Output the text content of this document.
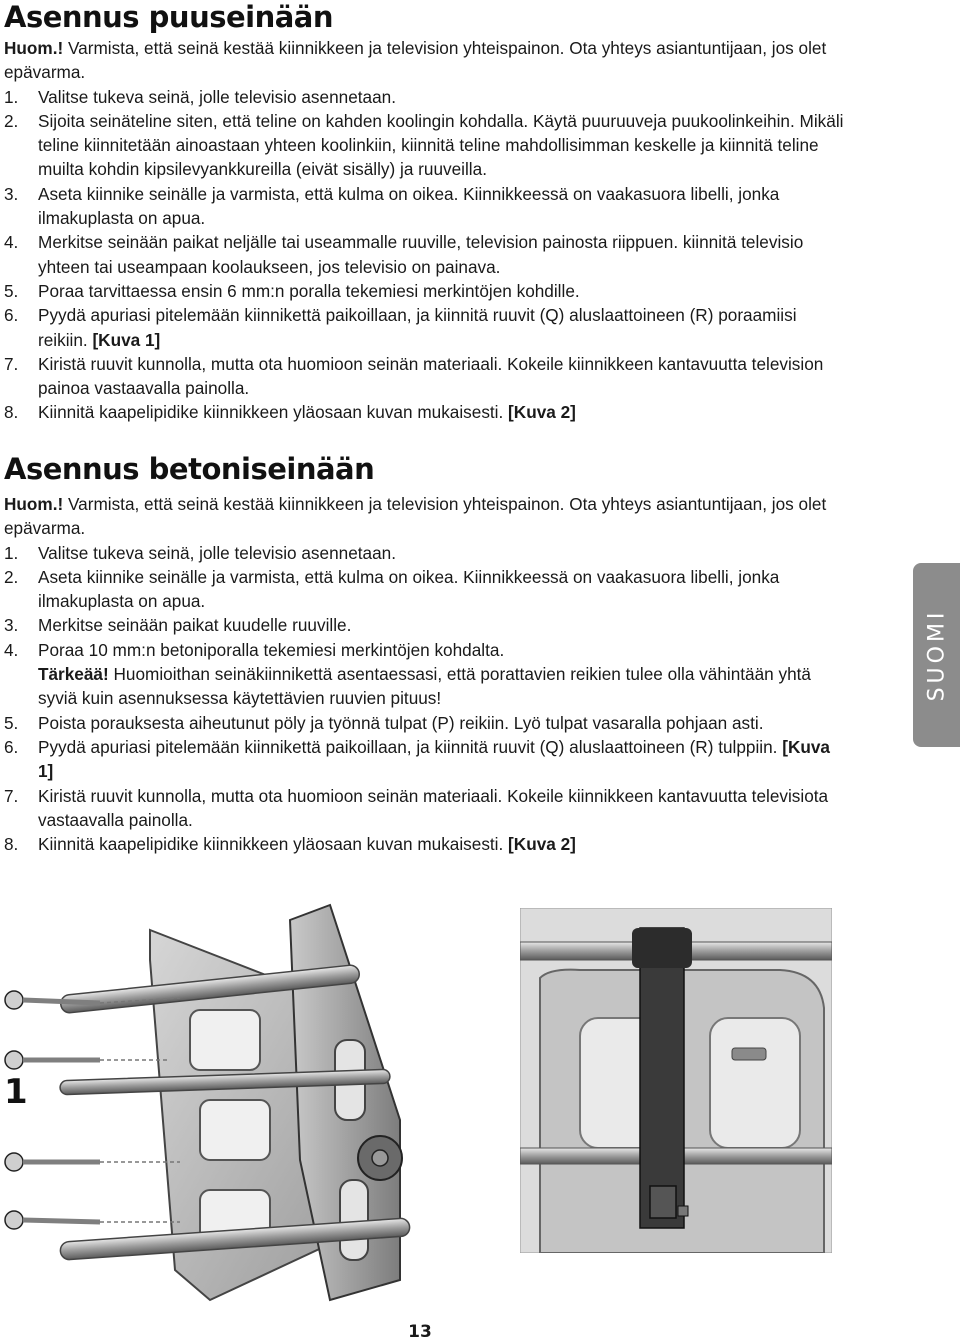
Asennus puuseinään

Huom.! Varmista, että seinä kestää kiinnikkeen ja television yhteispainon. Ota yhteys asiantuntijaan, jos olet epävarma.

1. Valitse tukeva seinä, jolle televisio asennetaan.
2. Sijoita seinäteline siten, että teline on kahden koolingin kohdalla. Käytä puuruuveja puukoolinkeihin. Mikäli teline kiinnitetään ainoastaan yhteen koolinkiin, kiinnitä teline mahdollisimman keskelle ja kiinnitä teline muilta kohdin kipsilevyankkureilla (eivät sisälly) ja ruuveilla.
3. Aseta kiinnike seinälle ja varmista, että kulma on oikea. Kiinnikkeessä on vaakasuora libelli, jonka ilmakuplasta on apua.
4. Merkitse seinään paikat neljälle tai useammalle ruuville, television painosta riippuen. kiinnitä televisio yhteen tai useampaan koolaukseen, jos televisio on painava.
5. Poraa tarvittaessa ensin 6 mm:n poralla tekemiesi merkintöjen kohdille.
6. Pyydä apuriasi pitelemään kiinnikettä paikoillaan, ja kiinnitä ruuvit (Q) aluslaattoineen (R) poraamiisi reikiin. [Kuva 1]
7. Kiristä ruuvit kunnolla, mutta ota huomioon seinän materiaali. Kokeile kiinnikkeen kantavuutta television painoa vastaavalla painolla.
8. Kiinnitä kaapelipidike kiinnikkeen yläosaan kuvan mukaisesti. [Kuva 2]
Asennus betoniseinään

Huom.! Varmista, että seinä kestää kiinnikkeen ja television yhteispainon. Ota yhteys asiantuntijaan, jos olet epävarma.

1. Valitse tukeva seinä, jolle televisio asennetaan.
2. Aseta kiinnike seinälle ja varmista, että kulma on oikea. Kiinnikkeessä on vaakasuora libelli, jonka ilmakuplasta on apua.
3. Merkitse seinään paikat kuudelle ruuville.
4. Poraa 10 mm:n betoniporalla tekemiesi merkintöjen kohdalta.
Tärkeää! Huomioithan seinäkiinnikettä asentaessasi, että porattavien reikien tulee olla vähintään yhtä syviä kuin asennuksessa käytettävien ruuvien pituus!
5. Poista porauksesta aiheutunut pöly ja työnnä tulpat (P) reikiin. Lyö tulpat vasaralla pohjaan asti.
6. Pyydä apuriasi pitelemään kiinnikettä paikoillaan, ja kiinnitä ruuvit (Q) aluslaattoineen (R) tulppiin. [Kuva 1]
7. Kiristä ruuvit kunnolla, mutta ota huomioon seinän materiaali. Kokeile kiinnikkeen kantavuutta televisiota vastaavalla painolla.
8. Kiinnitä kaapelipidike kiinnikkeen yläosaan kuvan mukaisesti. [Kuva 2]
SUOMI
1
13
